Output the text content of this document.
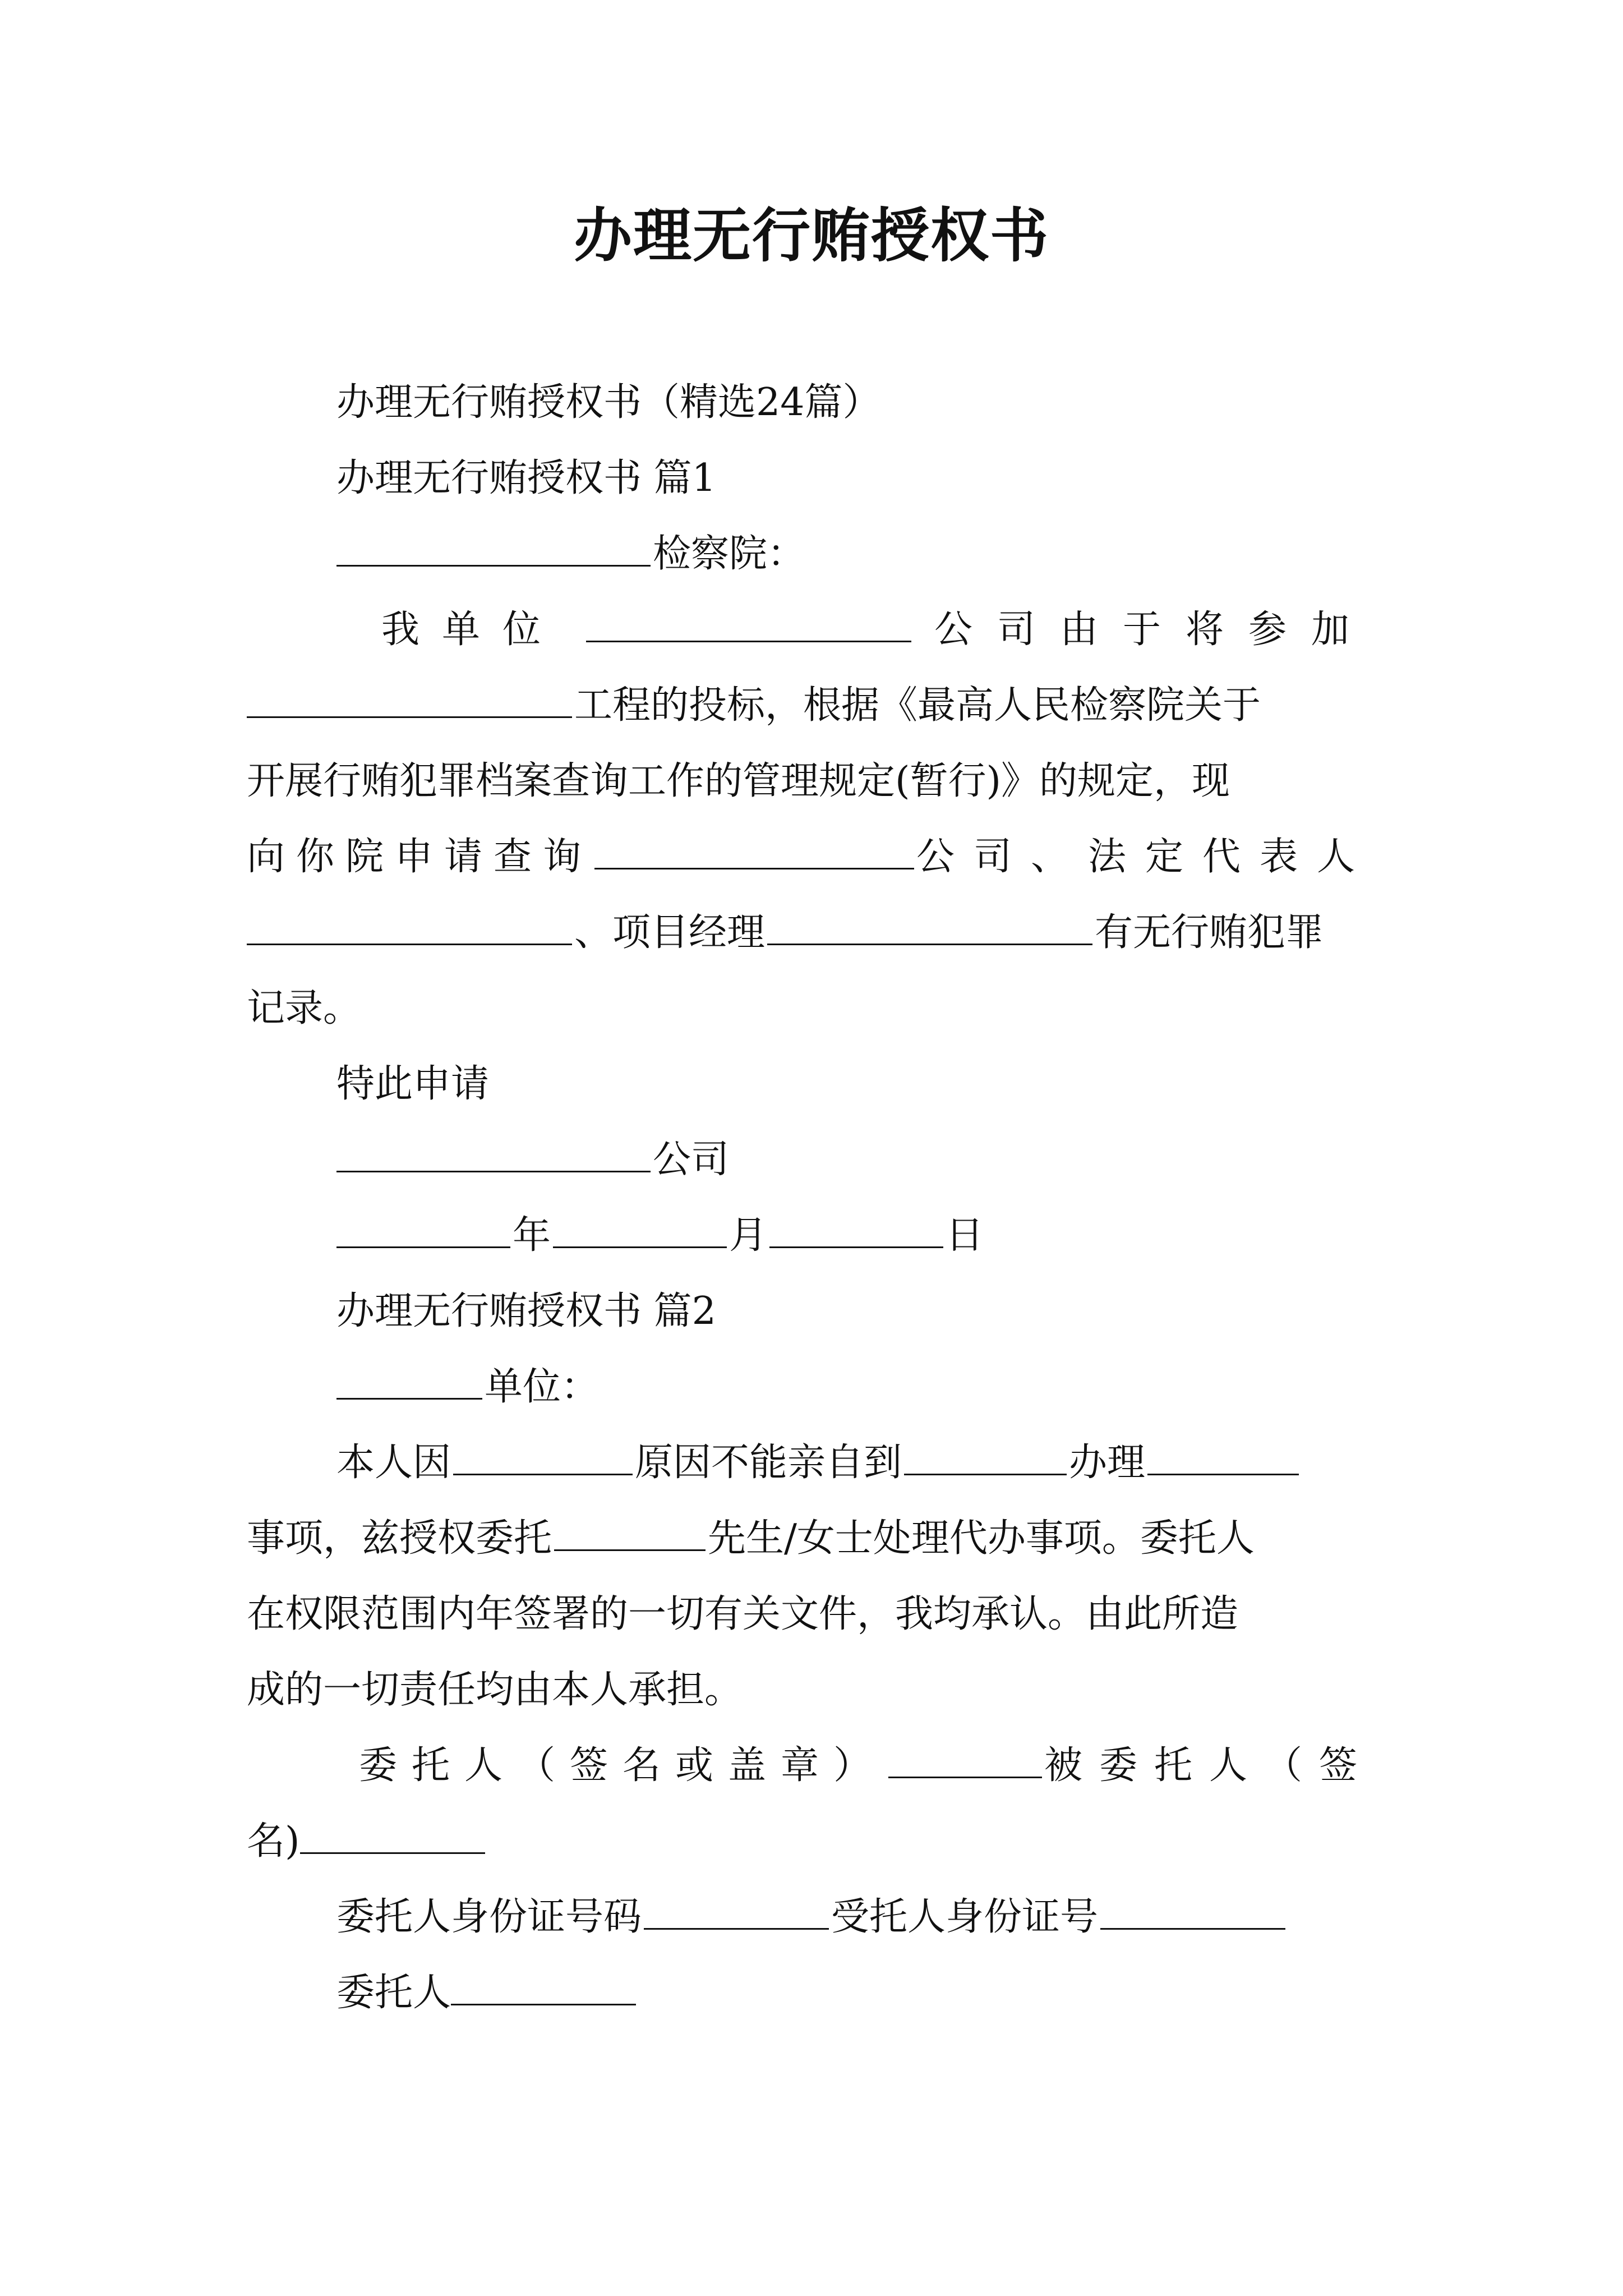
办理无行贿授权书
办理无行贿授权书（精选24篇）
办理无行贿授权书 篇1
检察院：
我单位	公司由于将参加
工程的投标，根据《最高人民检察院关于
开展行贿犯罪档案查询工作的管理规定(暂行)》的规定，现
向你院申请查询	公司、法定代表人
、项目经理	有无行贿犯罪
记录。
特此申请
公司
年	月	日
办理无行贿授权书 篇2
单位：
本人因	原因不能亲自到	办理
事项，兹授权委托	先生/女士处理代办事项。委托人
在权限范围内年签署的一切有关文件，我均承认。由此所造
成的一切责任均由本人承担。
委托人（签名或盖章）	被委托人（签
名)
委托人身份证号码	受托人身份证号
委托人
